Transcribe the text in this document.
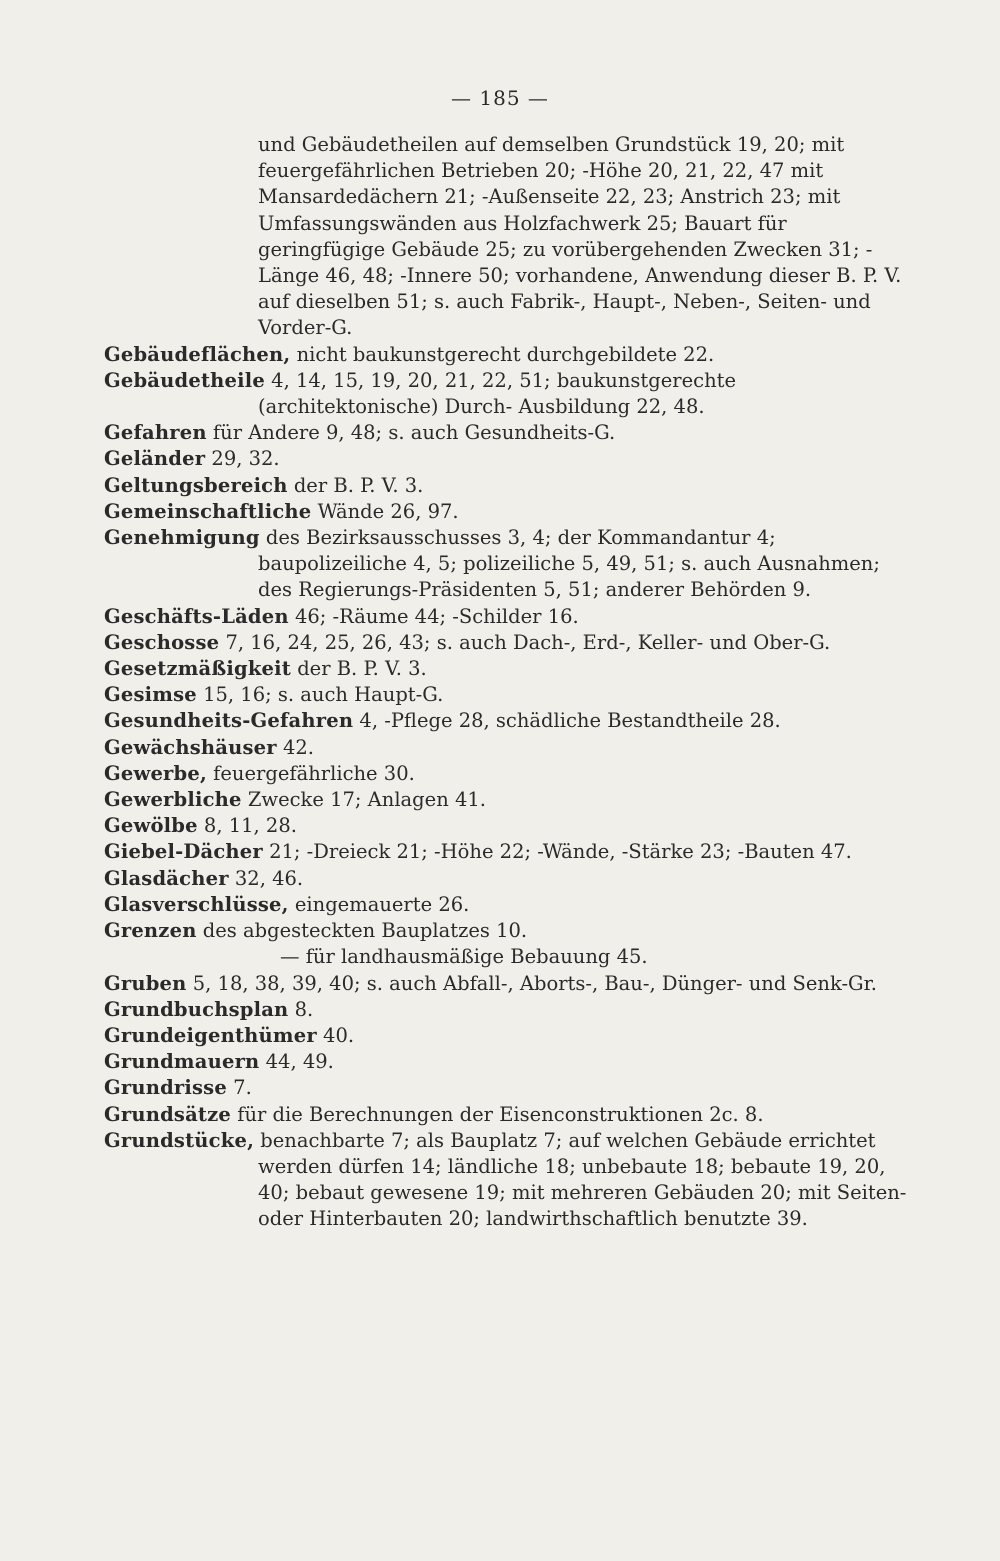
— 185 —

und Gebäudetheilen auf demselben Grundstück 19, 20; mit feuergefährlichen Betrieben 20; -Höhe 20, 21, 22, 47 mit Mansardedächern 21; -Außenseite 22, 23; Anstrich 23; mit Umfassungswänden aus Holzfachwerk 25; Bauart für geringfügige Gebäude 25; zu vorübergehenden Zwecken 31; -Länge 46, 48; -Innere 50; vorhandene, Anwendung dieser B. P. V. auf dieselben 51; s. auch Fabrik-, Haupt-, Neben-, Seiten- und Vorder-G.

Gebäudeflächen, nicht baukunstgerecht durchgebildete 22.

Gebäudetheile 4, 14, 15, 19, 20, 21, 22, 51; baukunstgerechte (architektonische) Durch- Ausbildung 22, 48.

Gefahren für Andere 9, 48; s. auch Gesundheits-G.

Geländer 29, 32.

Geltungsbereich der B. P. V. 3.

Gemeinschaftliche Wände 26, 97.

Genehmigung des Bezirksausschusses 3, 4; der Kommandantur 4; baupolizeiliche 4, 5; polizeiliche 5, 49, 51; s. auch Ausnahmen; des Regierungs-Präsidenten 5, 51; anderer Behörden 9.

Geschäfts-Läden 46; -Räume 44; -Schilder 16.

Geschosse 7, 16, 24, 25, 26, 43; s. auch Dach-, Erd-, Keller- und Ober-G.

Gesetzmäßigkeit der B. P. V. 3.

Gesimse 15, 16; s. auch Haupt-G.

Gesundheits-Gefahren 4, -Pflege 28, schädliche Bestandtheile 28.

Gewächshäuser 42.

Gewerbe, feuergefährliche 30.

Gewerbliche Zwecke 17; Anlagen 41.

Gewölbe 8, 11, 28.

Giebel-Dächer 21; -Dreieck 21; -Höhe 22; -Wände, -Stärke 23; -Bauten 47.

Glasdächer 32, 46.

Glasverschlüsse, eingemauerte 26.

Grenzen des abgesteckten Bauplatzes 10.

— für landhausmäßige Bebauung 45.

Gruben 5, 18, 38, 39, 40; s. auch Abfall-, Aborts-, Bau-, Dünger- und Senk-Gr.

Grundbuchsplan 8.

Grundeigenthümer 40.

Grundmauern 44, 49.

Grundrisse 7.

Grundsätze für die Berechnungen der Eisenconstruktionen 2c. 8.

Grundstücke, benachbarte 7; als Bauplatz 7; auf welchen Gebäude errichtet werden dürfen 14; ländliche 18; unbebaute 18; bebaute 19, 20, 40; bebaut gewesene 19; mit mehreren Gebäuden 20; mit Seiten- oder Hinterbauten 20; landwirthschaftlich benutzte 39.
